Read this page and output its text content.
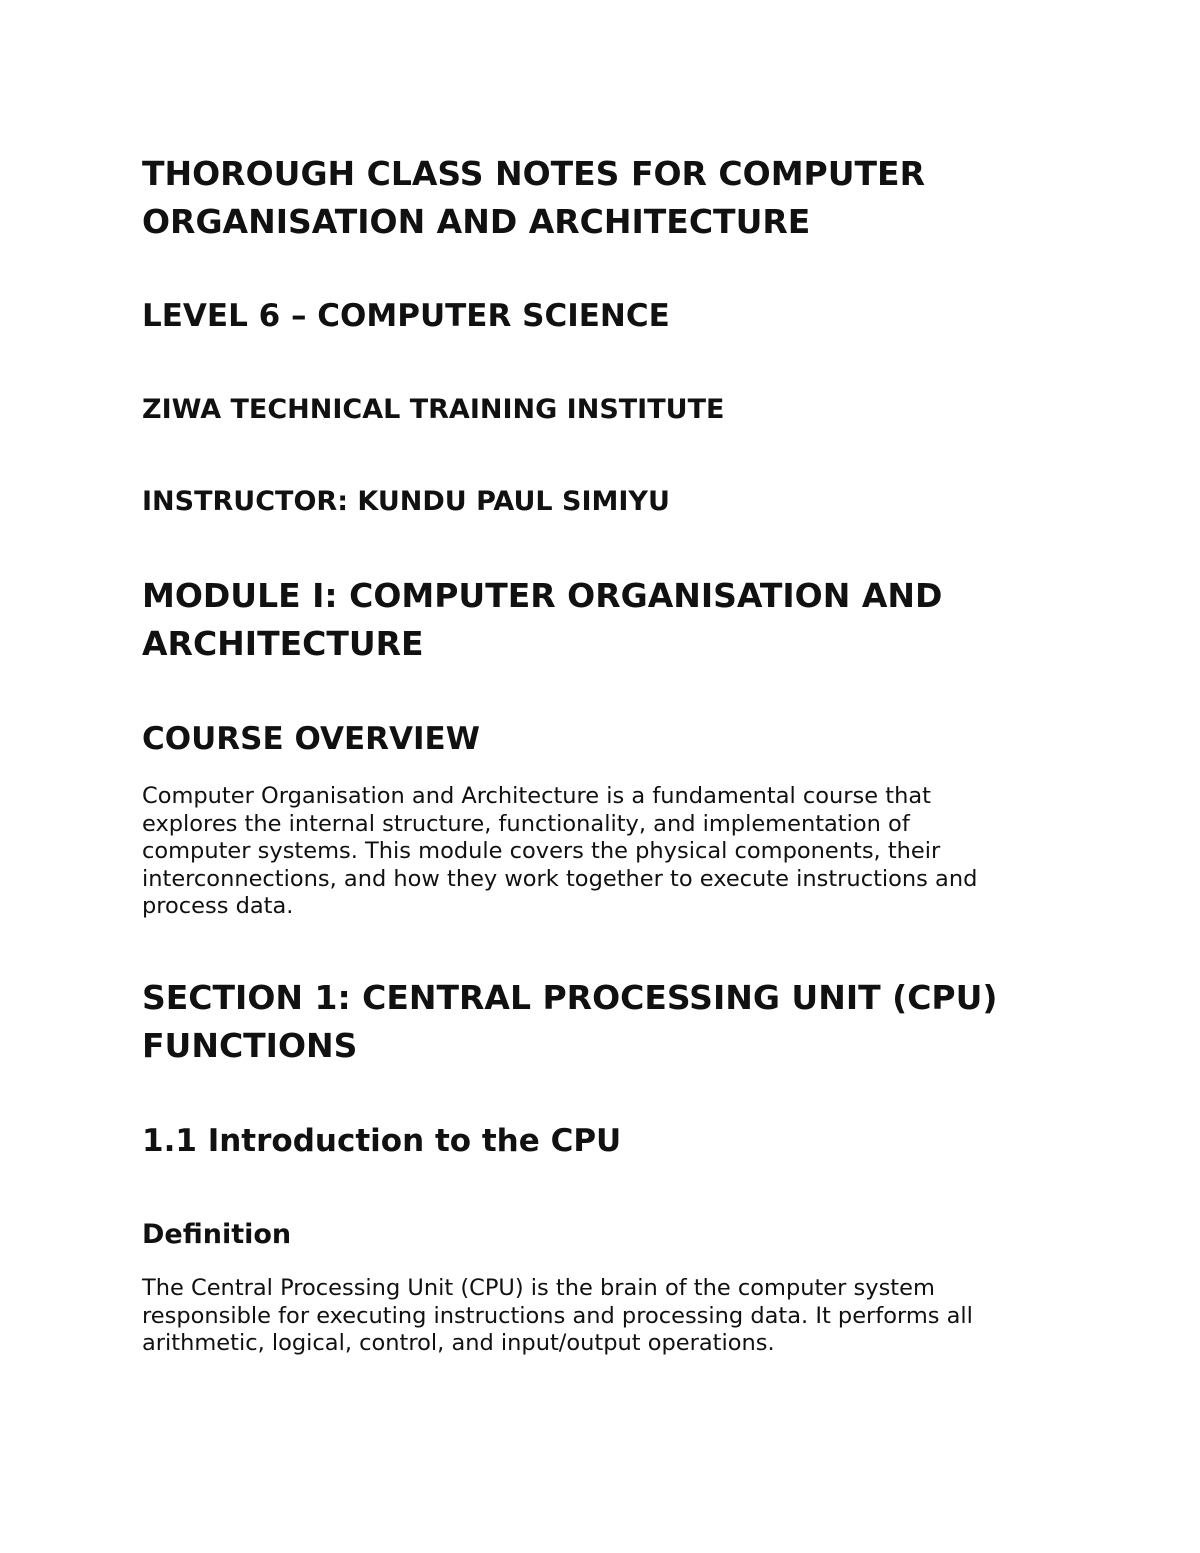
THOROUGH CLASS NOTES FOR COMPUTER
ORGANISATION AND ARCHITECTURE
LEVEL 6 – COMPUTER SCIENCE
ZIWA TECHNICAL TRAINING INSTITUTE
INSTRUCTOR: KUNDU PAUL SIMIYU
MODULE I: COMPUTER ORGANISATION AND
ARCHITECTURE
COURSE OVERVIEW

Computer Organisation and Architecture is a fundamental course that
explores the internal structure, functionality, and implementation of
computer systems. This module covers the physical components, their
interconnections, and how they work together to execute instructions and
process data.

SECTION 1: CENTRAL PROCESSING UNIT (CPU)
FUNCTIONS
1.1 Introduction to the CPU
Definition

The Central Processing Unit (CPU) is the brain of the computer system
responsible for executing instructions and processing data. It performs all
arithmetic, logical, control, and input/output operations.
